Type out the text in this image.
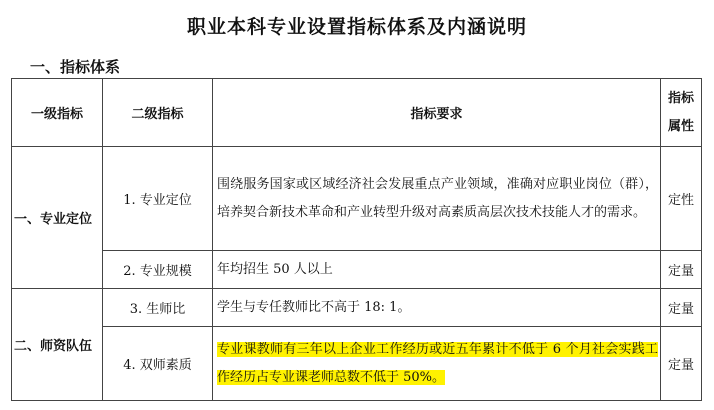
职业本科专业设置指标体系及内涵说明
一、指标体系
一级指标	二级指标	指标要求	指标
属性

一、专业定位	1. 专业定位	围绕服务国家或区域经济社会发展重点产业领域，准确对应职业岗位（群），培养契合新技术革命和产业转型升级对高素质高层次技术技能人才的需求。	定性
	2. 专业规模	年均招生 50 人以上	定量
二、师资队伍	3. 生师比	学生与专任教师比不高于 18: 1。	定量
	4. 双师素质	专业课教师有三年以上企业工作经历或近五年累计不低于 6 个月社会实践工作经历占专业课老师总数不低于 50%。	定量
